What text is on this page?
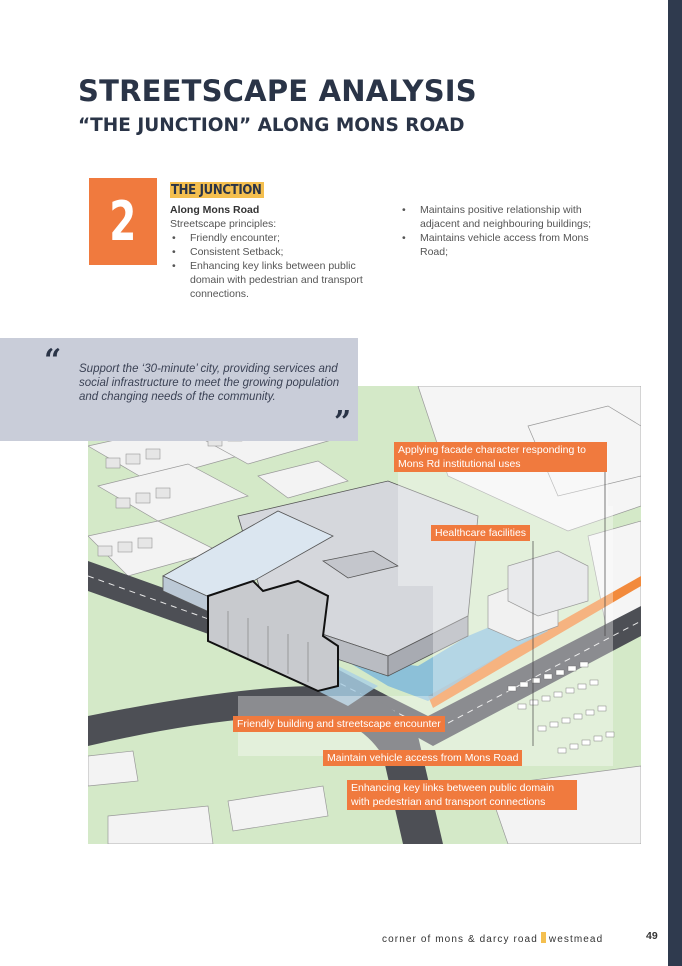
STREETSCAPE ANALYSIS
“THE JUNCTION” ALONG MONS ROAD
2	THE JUNCTION
Along Mons Road
Streetscape principles:
• Friendly encounter;
• Consistent Setback;
• Enhancing key links between public domain with pedestrian and transport connections.
• Maintains positive relationship with adjacent and neighbouring buildings;
• Maintains vehicle access from Mons Road;
“ Support the ‘30-minute’ city, providing services and social infrastructure to meet the growing population and changing needs of the community.
”
Applying facade character responding to Mons Rd institutional uses
Healthcare facilities
Friendly building and streetscape encounter
Maintain vehicle access from Mons Road
Enhancing key links between public domain with pedestrian and transport connections
corner of mons & darcy road westmead	49
